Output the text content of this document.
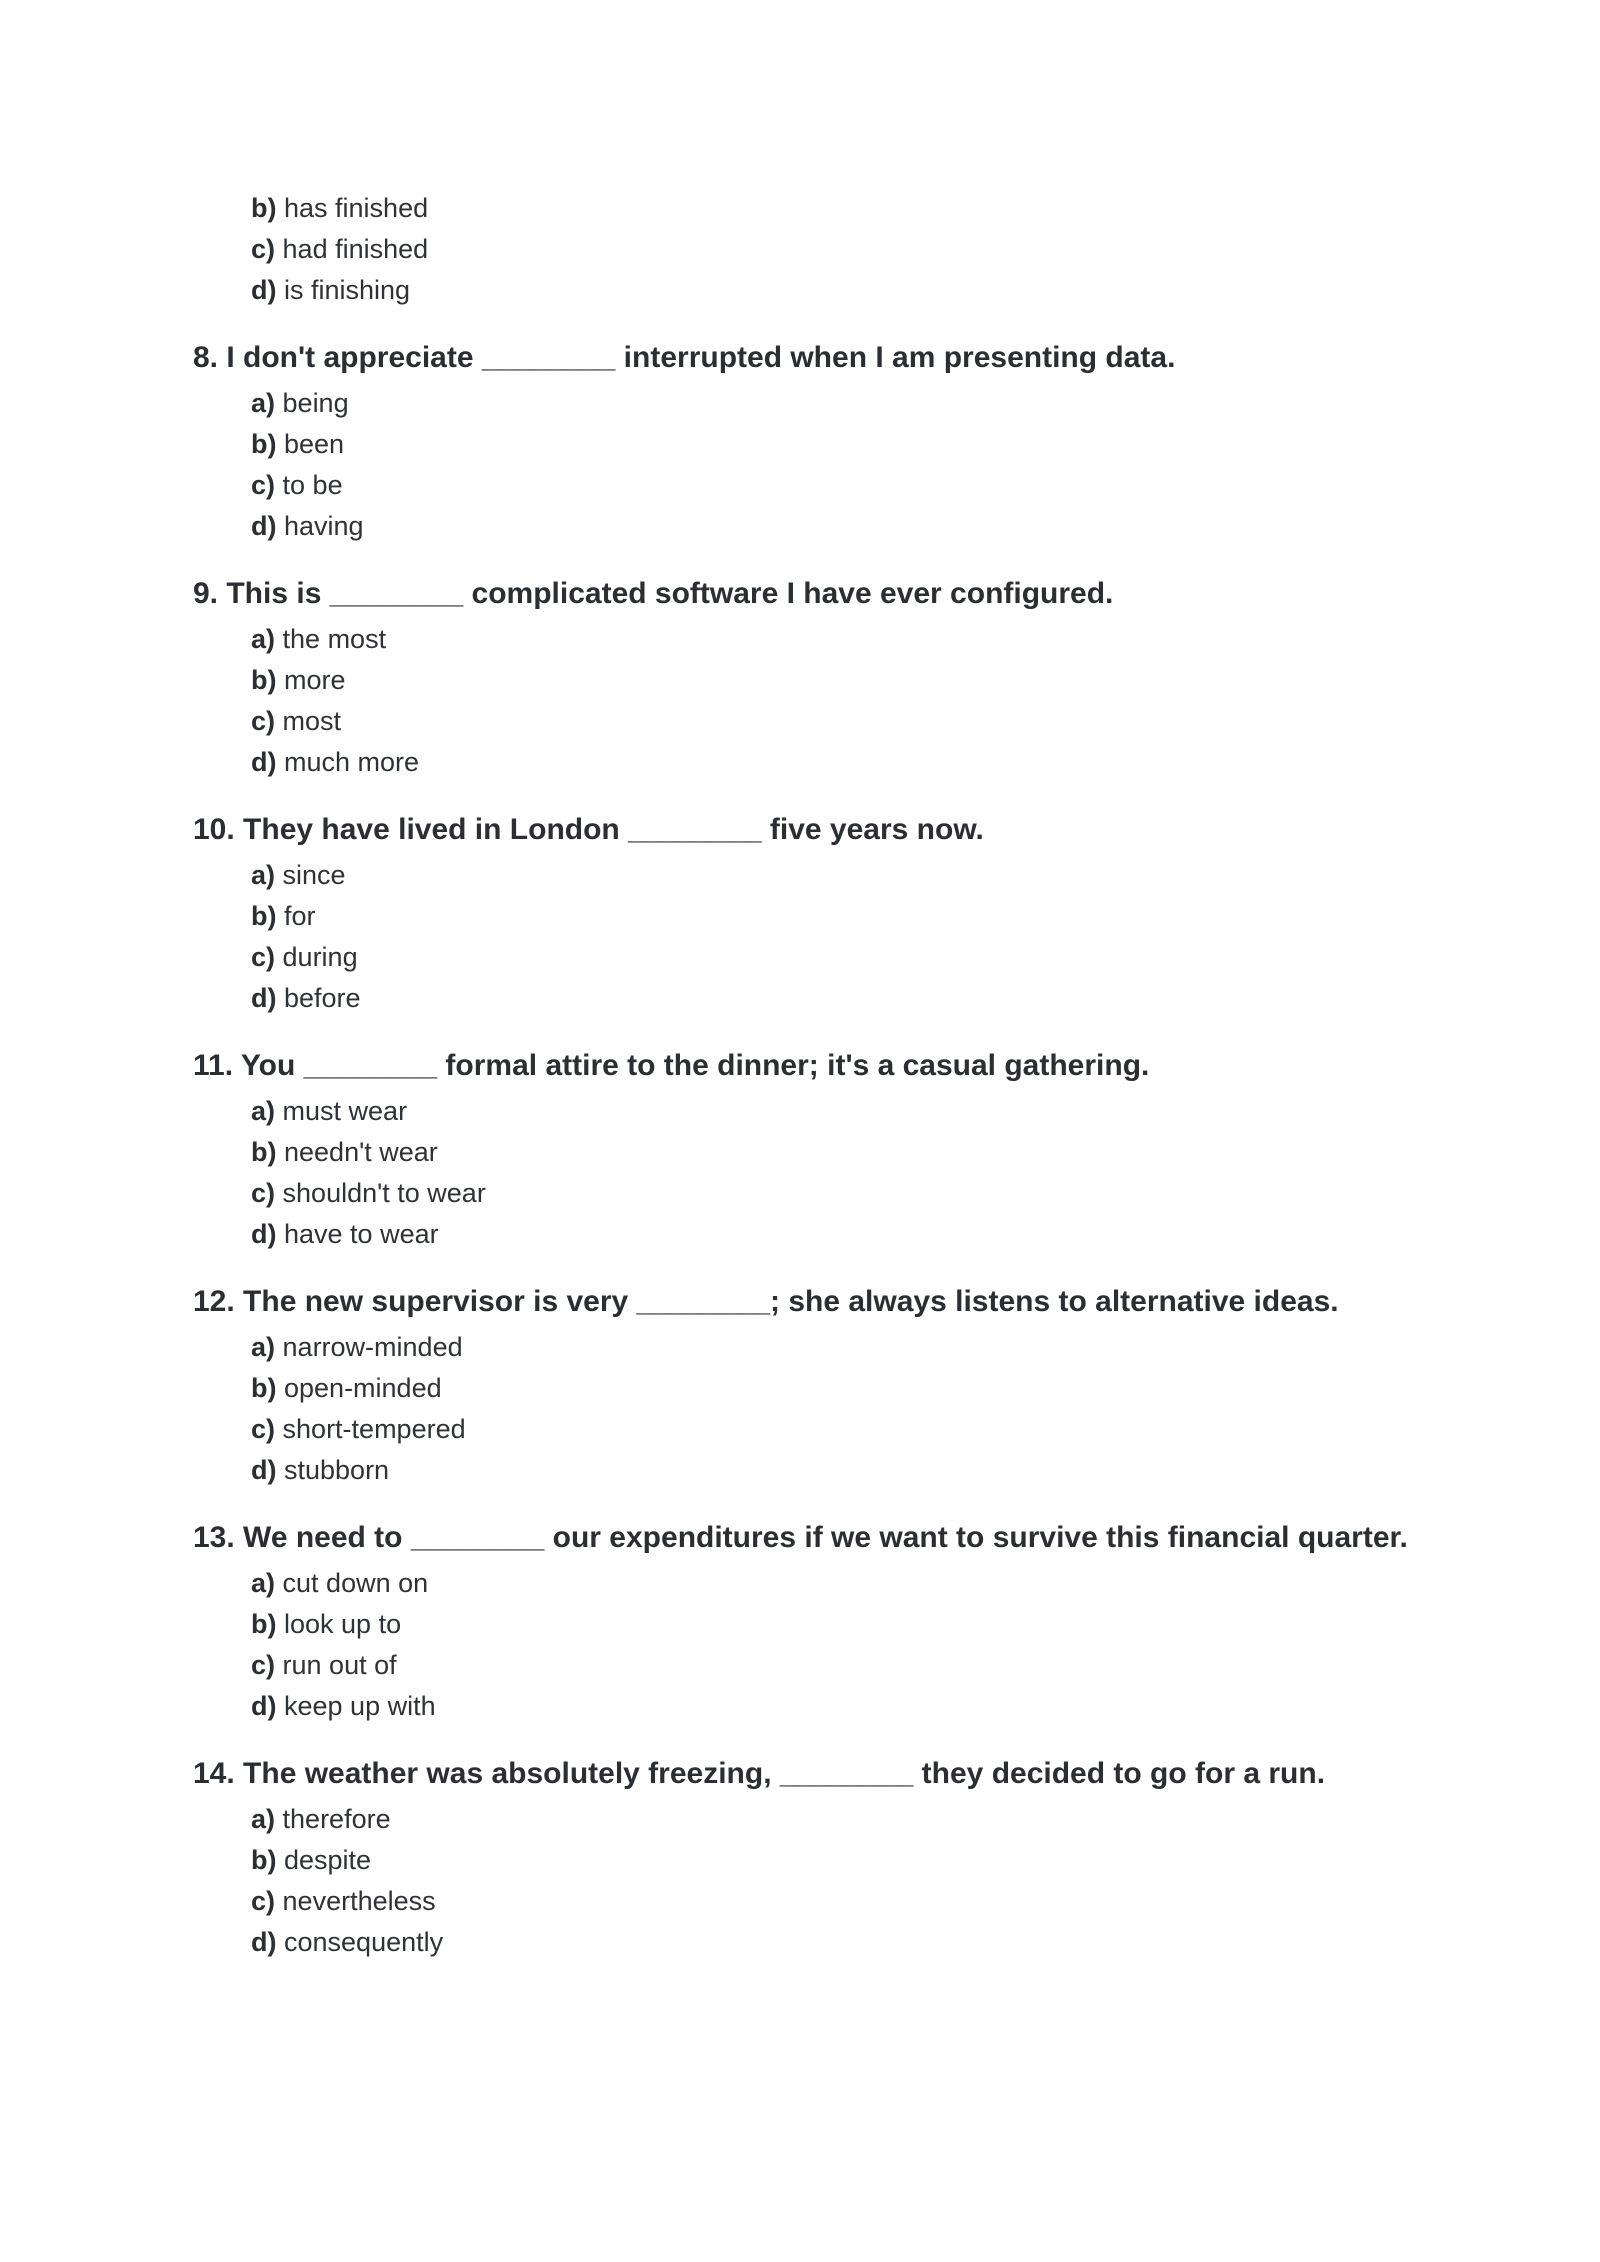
b) has finished
c) had finished
d) is finishing
8. I don't appreciate ________ interrupted when I am presenting data.
a) being
b) been
c) to be
d) having
9. This is ________ complicated software I have ever configured.
a) the most
b) more
c) most
d) much more
10. They have lived in London ________ five years now.
a) since
b) for
c) during
d) before
11. You ________ formal attire to the dinner; it's a casual gathering.
a) must wear
b) needn't wear
c) shouldn't to wear
d) have to wear
12. The new supervisor is very ________; she always listens to alternative ideas.
a) narrow-minded
b) open-minded
c) short-tempered
d) stubborn
13. We need to ________ our expenditures if we want to survive this financial quarter.
a) cut down on
b) look up to
c) run out of
d) keep up with
14. The weather was absolutely freezing, ________ they decided to go for a run.
a) therefore
b) despite
c) nevertheless
d) consequently
